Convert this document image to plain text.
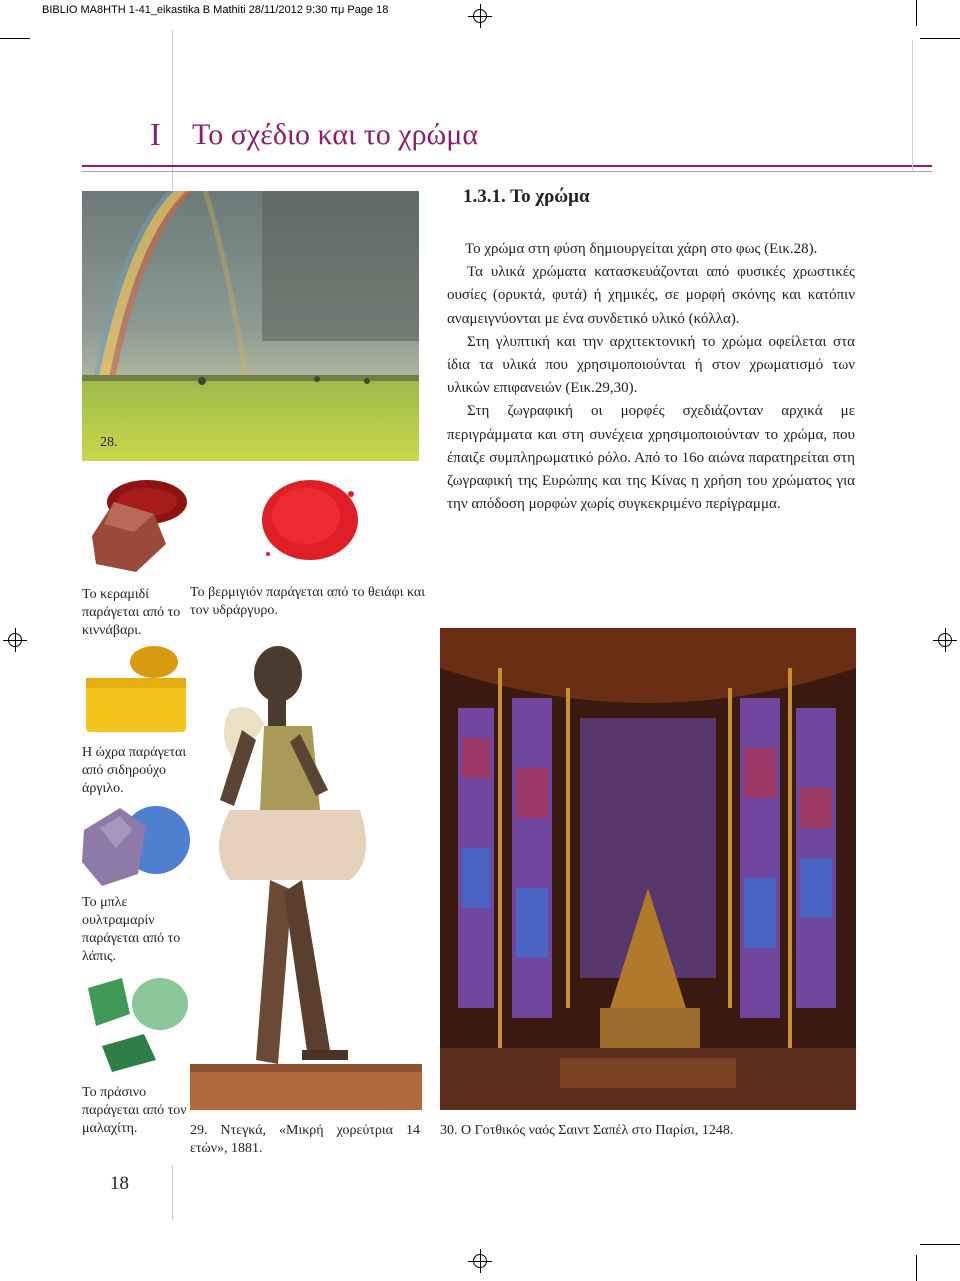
BIBLIO MA8HTH 1-41_eikastika B Mathiti 28/11/2012 9:30 πμ Page 18
I Το σχέδιο και το χρώμα
1.3.1. Το χρώμα

Το χρώμα στη φύση δημιουργείται χάρη στο φως (Εικ.28).

Τα υλικά χρώματα κατασκευάζονται από φυσικές χρωστικές ουσίες (ορυκτά, φυτά) ή χημικές, σε μορφή σκόνης και κατόπιν αναμειγνύονται με ένα συνδετικό υλικό (κόλλα).

Στη γλυπτική και την αρχιτεκτονική το χρώμα οφείλεται στα ίδια τα υλικά που χρησιμοποιούνται ή στον χρωματισμό των υλικών επιφανειών (Εικ.29,30).

Στη ζωγραφική οι μορφές σχεδιάζονταν αρχικά με περιγράμματα και στη συνέχεια χρησιμοποιούνταν το χρώμα, που έπαιζε συμπληρωματικό ρόλο. Από το 16ο αιώνα παρατηρείται στη ζωγραφική της Ευρώπης και της Κίνας η χρήση του χρώματος για την απόδοση μορφών χωρίς συγκεκριμένο περίγραμμα.

28.
Το κεραμιδί παράγεται από το κιννάβαρι.
Το βερμιγιόν παράγεται από το θειάφι και τον υδράργυρο.
Η ώχρα παράγεται από σιδηρούχο άργιλο.
Το μπλε ουλτραμαρίν παράγεται από το λάπις.
Το πράσινο παράγεται από τον μαλαχίτη.	29. Ντεγκά, «Μικρή χορεύτρια 14 ετών», 1881.
30. Ο Γοτθικός ναός Σαιντ Σαπέλ στο Παρίσι, 1248.
18
